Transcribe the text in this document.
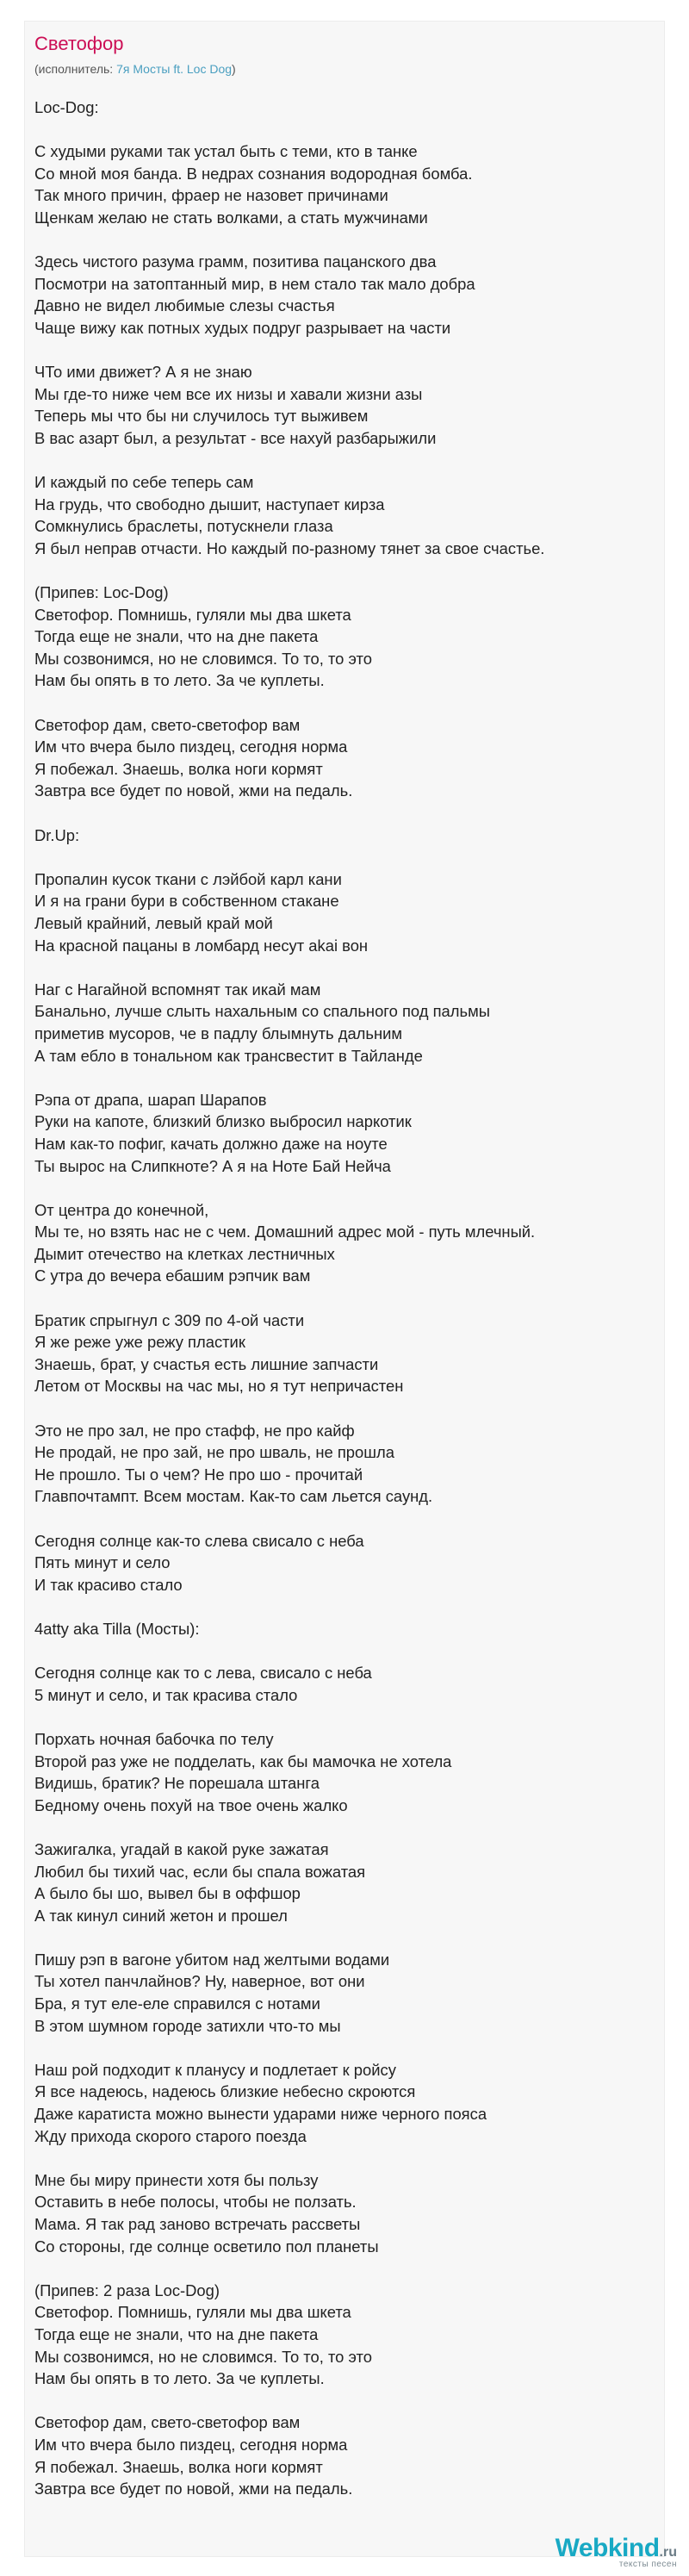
Светофор
(исполнитель: 7я Мосты ft. Loc Dog)
Loc-Dog:
С худыми руками так устал быть с теми, кто в танке
Со мной моя банда. В недрах сознания водородная бомба.
Так много причин, фраер не назовет причинами
Щенкам желаю не стать волками, а стать мужчинами
Здесь чистого разума грамм, позитива пацанского два
Посмотри на затоптанный мир, в нем стало так мало добра
Давно не видел любимые слезы счастья
Чаще вижу как потных худых подруг разрывает на части
ЧТо ими движет? А я не знаю
Мы где-то ниже чем все их низы и хавали жизни азы
Теперь мы что бы ни случилось тут выживем
В вас азарт был, а результат - все нахуй разбарыжили
И каждый по себе теперь сам
На грудь, что свободно дышит, наступает кирза
Сомкнулись браслеты, потускнели глаза
Я был неправ отчасти. Но каждый по-разному тянет за свое счастье.
(Припев: Loc-Dog)
Светофор. Помнишь, гуляли мы два шкета
Тогда еще не знали, что на дне пакета
Мы созвонимся, но не словимся. То то, то это
Нам бы опять в то лето. За че куплеты.
Светофор дам, свето-светофор вам
Им что вчера было пиздец, сегодня норма
Я побежал. Знаешь, волка ноги кормят
Завтра все будет по новой, жми на педаль.
Dr.Up:
Пропалин кусок ткани с лэйбой карл кани
И я на грани бури в собственном стакане
Левый крайний, левый край мой
На красной пацаны в ломбард несут akai вон
Наг с Нагайной вспомнят так икай мам
Банально, лучше слыть нахальным со спального под пальмы
приметив мусоров, че в падлу блымнуть дальним
А там ебло в тональном как трансвестит в Тайланде
Рэпа от драпа, шарап Шарапов
Руки на капоте, близкий близко выбросил наркотик
Нам как-то пофиг, качать должно даже на ноуте
Ты вырос на Слипкноте? А я на Ноте Бай Нейча
От центра до конечной,
Мы те, но взять нас не с чем. Домашний адрес мой - путь млечный.
Дымит отечество на клетках лестничных
С утра до вечера ебашим рэпчик вам
Братик спрыгнул с 309 по 4-ой части
Я же реже уже режу пластик
Знаешь, брат, у счастья есть лишние запчасти
Летом от Москвы на час мы, но я тут непричастен
Это не про зал, не про стафф, не про кайф
Не продай, не про зай, не про шваль, не прошла
Не прошло. Ты о чем? Не про шо - прочитай
Главпочтампт. Всем мостам. Как-то сам льется саунд.
Сегодня солнце как-то слева свисало с неба
Пять минут и село
И так красиво стало
4atty aka Tilla (Мосты):
Сегодня солнце как то с лева, свисало с неба
5 минут и село, и так красива стало
Порхать ночная бабочка по телу
Второй раз уже не подделать, как бы мамочка не хотела
Видишь, братик? Не порешала штанга
Бедному очень похуй на твое очень жалко
Зажигалка, угадай в какой руке зажатая
Любил бы тихий час, если бы спала вожатая
А было бы шо, вывел бы в оффшор
А так кинул синий жетон и прошел
Пишу рэп в вагоне убитом над желтыми водами
Ты хотел панчлайнов? Ну, наверное, вот они
Бра, я тут еле-еле справился с нотами
В этом шумном городе затихли что-то мы
Наш рой подходит к планусу и подлетает к ройсу
Я все надеюсь, надеюсь близкие небесно скроются
Даже каратиста можно вынести ударами ниже черного пояса
Жду прихода скорого старого поезда
Мне бы миру принести хотя бы пользу
Оставить в небе полосы, чтобы не ползать.
Мама. Я так рад заново встречать рассветы
Со стороны, где солнце осветило пол планеты
(Припев: 2 раза Loc-Dog)
Светофор. Помнишь, гуляли мы два шкета
Тогда еще не знали, что на дне пакета
Мы созвонимся, но не словимся. То то, то это
Нам бы опять в то лето. За че куплеты.
Светофор дам, свето-светофор вам
Им что вчера было пиздец, сегодня норма
Я побежал. Знаешь, волка ноги кормят
Завтра все будет по новой, жми на педаль.
Webkind.ru
тексты песен
